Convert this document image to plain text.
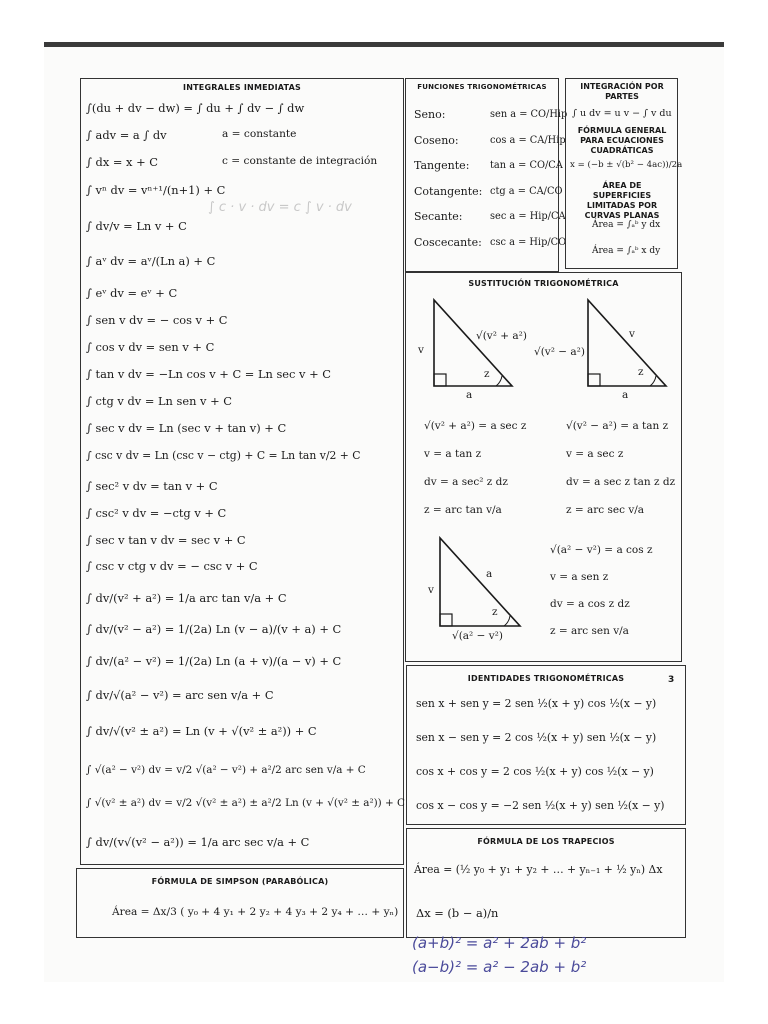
INTEGRALES INMEDIATAS
∫(du + dv − dw) = ∫ du + ∫ dv − ∫ dw
∫ adv = a ∫ dv	a = constante
∫ dx = x + C	c = constante de integración
∫ vⁿ dv = vⁿ⁺¹/(n+1) + C
∫ dv/v = Ln v + C
∫ aᵛ dv = aᵛ/(Ln a) + C
∫ eᵛ dv = eᵛ + C
∫ sen v dv = − cos v + C
∫ cos v dv = sen v + C
∫ tan v dv = −Ln cos v + C = Ln sec v + C
∫ ctg v dv = Ln sen v + C
∫ sec v dv = Ln (sec v + tan v) + C
∫ csc v dv = Ln (csc v − ctg) + C = Ln tan v/2 + C
∫ sec² v dv = tan v + C
∫ csc² v dv = −ctg v + C
∫ sec v tan v dv = sec v + C
∫ csc v ctg v dv = − csc v + C
∫ dv/(v² + a²) = 1/a arc tan v/a + C
∫ dv/(v² − a²) = 1/(2a) Ln (v − a)/(v + a) + C
∫ dv/(a² − v²) = 1/(2a) Ln (a + v)/(a − v) + C
∫ dv/√(a² − v²) = arc sen v/a + C
∫ dv/√(v² ± a²) = Ln (v + √(v² ± a²)) + C
∫ √(a² − v²) dv = v/2 √(a² − v²) + a²/2 arc sen v/a + C
∫ √(v² ± a²) dv = v/2 √(v² ± a²) ± a²/2 Ln (v + √(v² ± a²)) + C
∫ dv/(v√(v² − a²)) = 1/a arc sec v/a + C
∫ c · v · dv = c ∫ v · dv
FUNCIONES TRIGONOMÉTRICAS
Seno:	sen a = CO/Hip
Coseno:	cos a = CA/Hip
Tangente: tan a = CO/CA
Cotangente: ctg a = CA/CO
Secante:	sec a = Hip/CA
Coscecante: csc a = Hip/CO
INTEGRACIÓN POR PARTES
∫ u dv = u v − ∫ v du
FÓRMULA GENERAL PARA ECUACIONES CUADRÁTICAS
x = (−b ± √(b² − 4ac))/2a
ÁREA DE SUPERFICIES LIMITADAS POR CURVAS PLANAS
Área = ∫ₐᵇ y dx
Área = ∫ₐᵇ x dy
SUSTITUCIÓN TRIGONOMÉTRICA
v
√(v² + a²)
z
a
√(v² − a²)
v
z
a
√(v² + a²) = a sec z
v = a tan z
dv = a sec² z dz
z = arc tan v/a
√(v² − a²) = a tan z
v = a sec z
dv = a sec z tan z dz
z = arc sec v/a
v
a
z
√(a² − v²)
√(a² − v²) = a cos z
v = a sen z
dv = a cos z dz
z = arc sen v/a
IDENTIDADES TRIGONOMÉTRICAS	3
sen x + sen y = 2 sen ½(x + y) cos ½(x − y)
sen x − sen y = 2 cos ½(x + y) sen ½(x − y)
cos x + cos y = 2 cos ½(x + y) cos ½(x − y)
cos x − cos y = −2 sen ½(x + y) sen ½(x − y)
FÓRMULA DE LOS TRAPECIOS
Área = (½ y₀ + y₁ + y₂ + … + yₙ₋₁ + ½ yₙ) Δx
Δx = (b − a)/n
FÓRMULA DE SIMPSON (PARABÓLICA)
Área = Δx/3 ( y₀ + 4 y₁ + 2 y₂ + 4 y₃ + 2 y₄ + … + yₙ)
(a+b)² = a² + 2ab + b²
(a−b)² = a² − 2ab + b²
